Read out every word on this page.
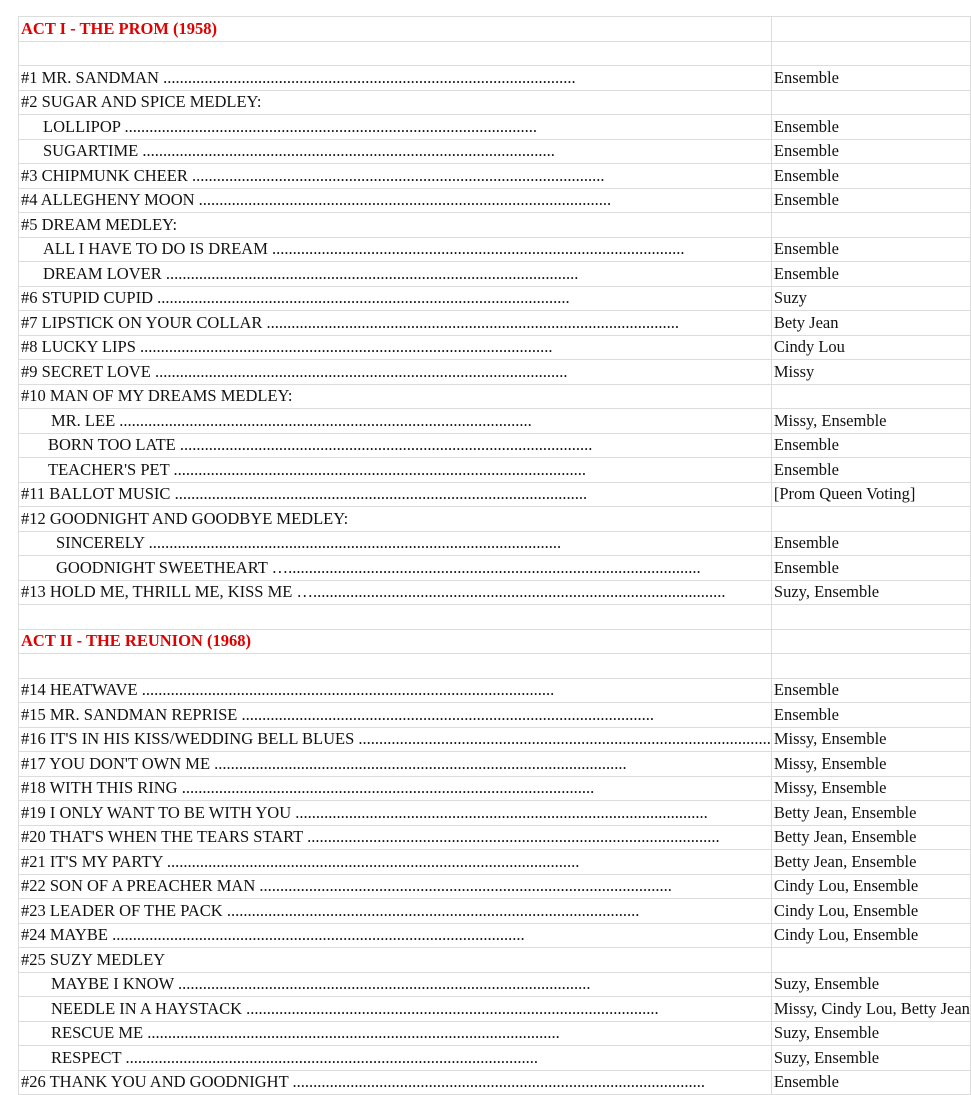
ACT I - THE PROM (1958)	

#1 MR. SANDMAN ....................................................................................................	Ensemble
#2 SUGAR AND SPICE MEDLEY:	

LOLLIPOP ....................................................................................................	Ensemble

SUGARTIME ....................................................................................................	Ensemble

#3 CHIPMUNK CHEER ....................................................................................................	Ensemble

#4 ALLEGHENY MOON ....................................................................................................	Ensemble
#5 DREAM MEDLEY:	

ALL I HAVE TO DO IS DREAM ....................................................................................................	Ensemble

DREAM LOVER ....................................................................................................	Ensemble

#6 STUPID CUPID ....................................................................................................	Suzy

#7 LIPSTICK ON YOUR COLLAR ....................................................................................................	Bety Jean

#8 LUCKY LIPS ....................................................................................................	Cindy Lou

#9 SECRET LOVE ....................................................................................................	Missy
#10 MAN OF MY DREAMS MEDLEY:	

MR. LEE ....................................................................................................	Missy, Ensemble

BORN TOO LATE ....................................................................................................	Ensemble

TEACHER'S PET ....................................................................................................	Ensemble

#11 BALLOT MUSIC ....................................................................................................	[Prom Queen Voting]
#12 GOODNIGHT AND GOODBYE MEDLEY:	

SINCERELY ....................................................................................................	Ensemble

GOODNIGHT SWEETHEART …....................................................................................................	Ensemble

#13 HOLD ME, THRILL ME, KISS ME …....................................................................................................	Suzy, Ensemble

ACT II - THE REUNION (1968)	

#14 HEATWAVE ....................................................................................................	Ensemble

#15 MR. SANDMAN REPRISE ....................................................................................................	Ensemble

#16 IT'S IN HIS KISS/WEDDING BELL BLUES ....................................................................................................	Missy, Ensemble

#17 YOU DON'T OWN ME ....................................................................................................	Missy, Ensemble

#18 WITH THIS RING ....................................................................................................	Missy, Ensemble

#19 I ONLY WANT TO BE WITH YOU ....................................................................................................	Betty Jean, Ensemble

#20 THAT'S WHEN THE TEARS START ....................................................................................................	Betty Jean, Ensemble

#21 IT'S MY PARTY ....................................................................................................	Betty Jean, Ensemble

#22 SON OF A PREACHER MAN ....................................................................................................	Cindy Lou, Ensemble

#23 LEADER OF THE PACK ....................................................................................................	Cindy Lou, Ensemble

#24 MAYBE ....................................................................................................	Cindy Lou, Ensemble
#25 SUZY MEDLEY	

MAYBE I KNOW ....................................................................................................	Suzy, Ensemble

NEEDLE IN A HAYSTACK ....................................................................................................	Missy, Cindy Lou, Betty Jean

RESCUE ME ....................................................................................................	Suzy, Ensemble

RESPECT ....................................................................................................	Suzy, Ensemble

#26 THANK YOU AND GOODNIGHT ....................................................................................................	Ensemble
